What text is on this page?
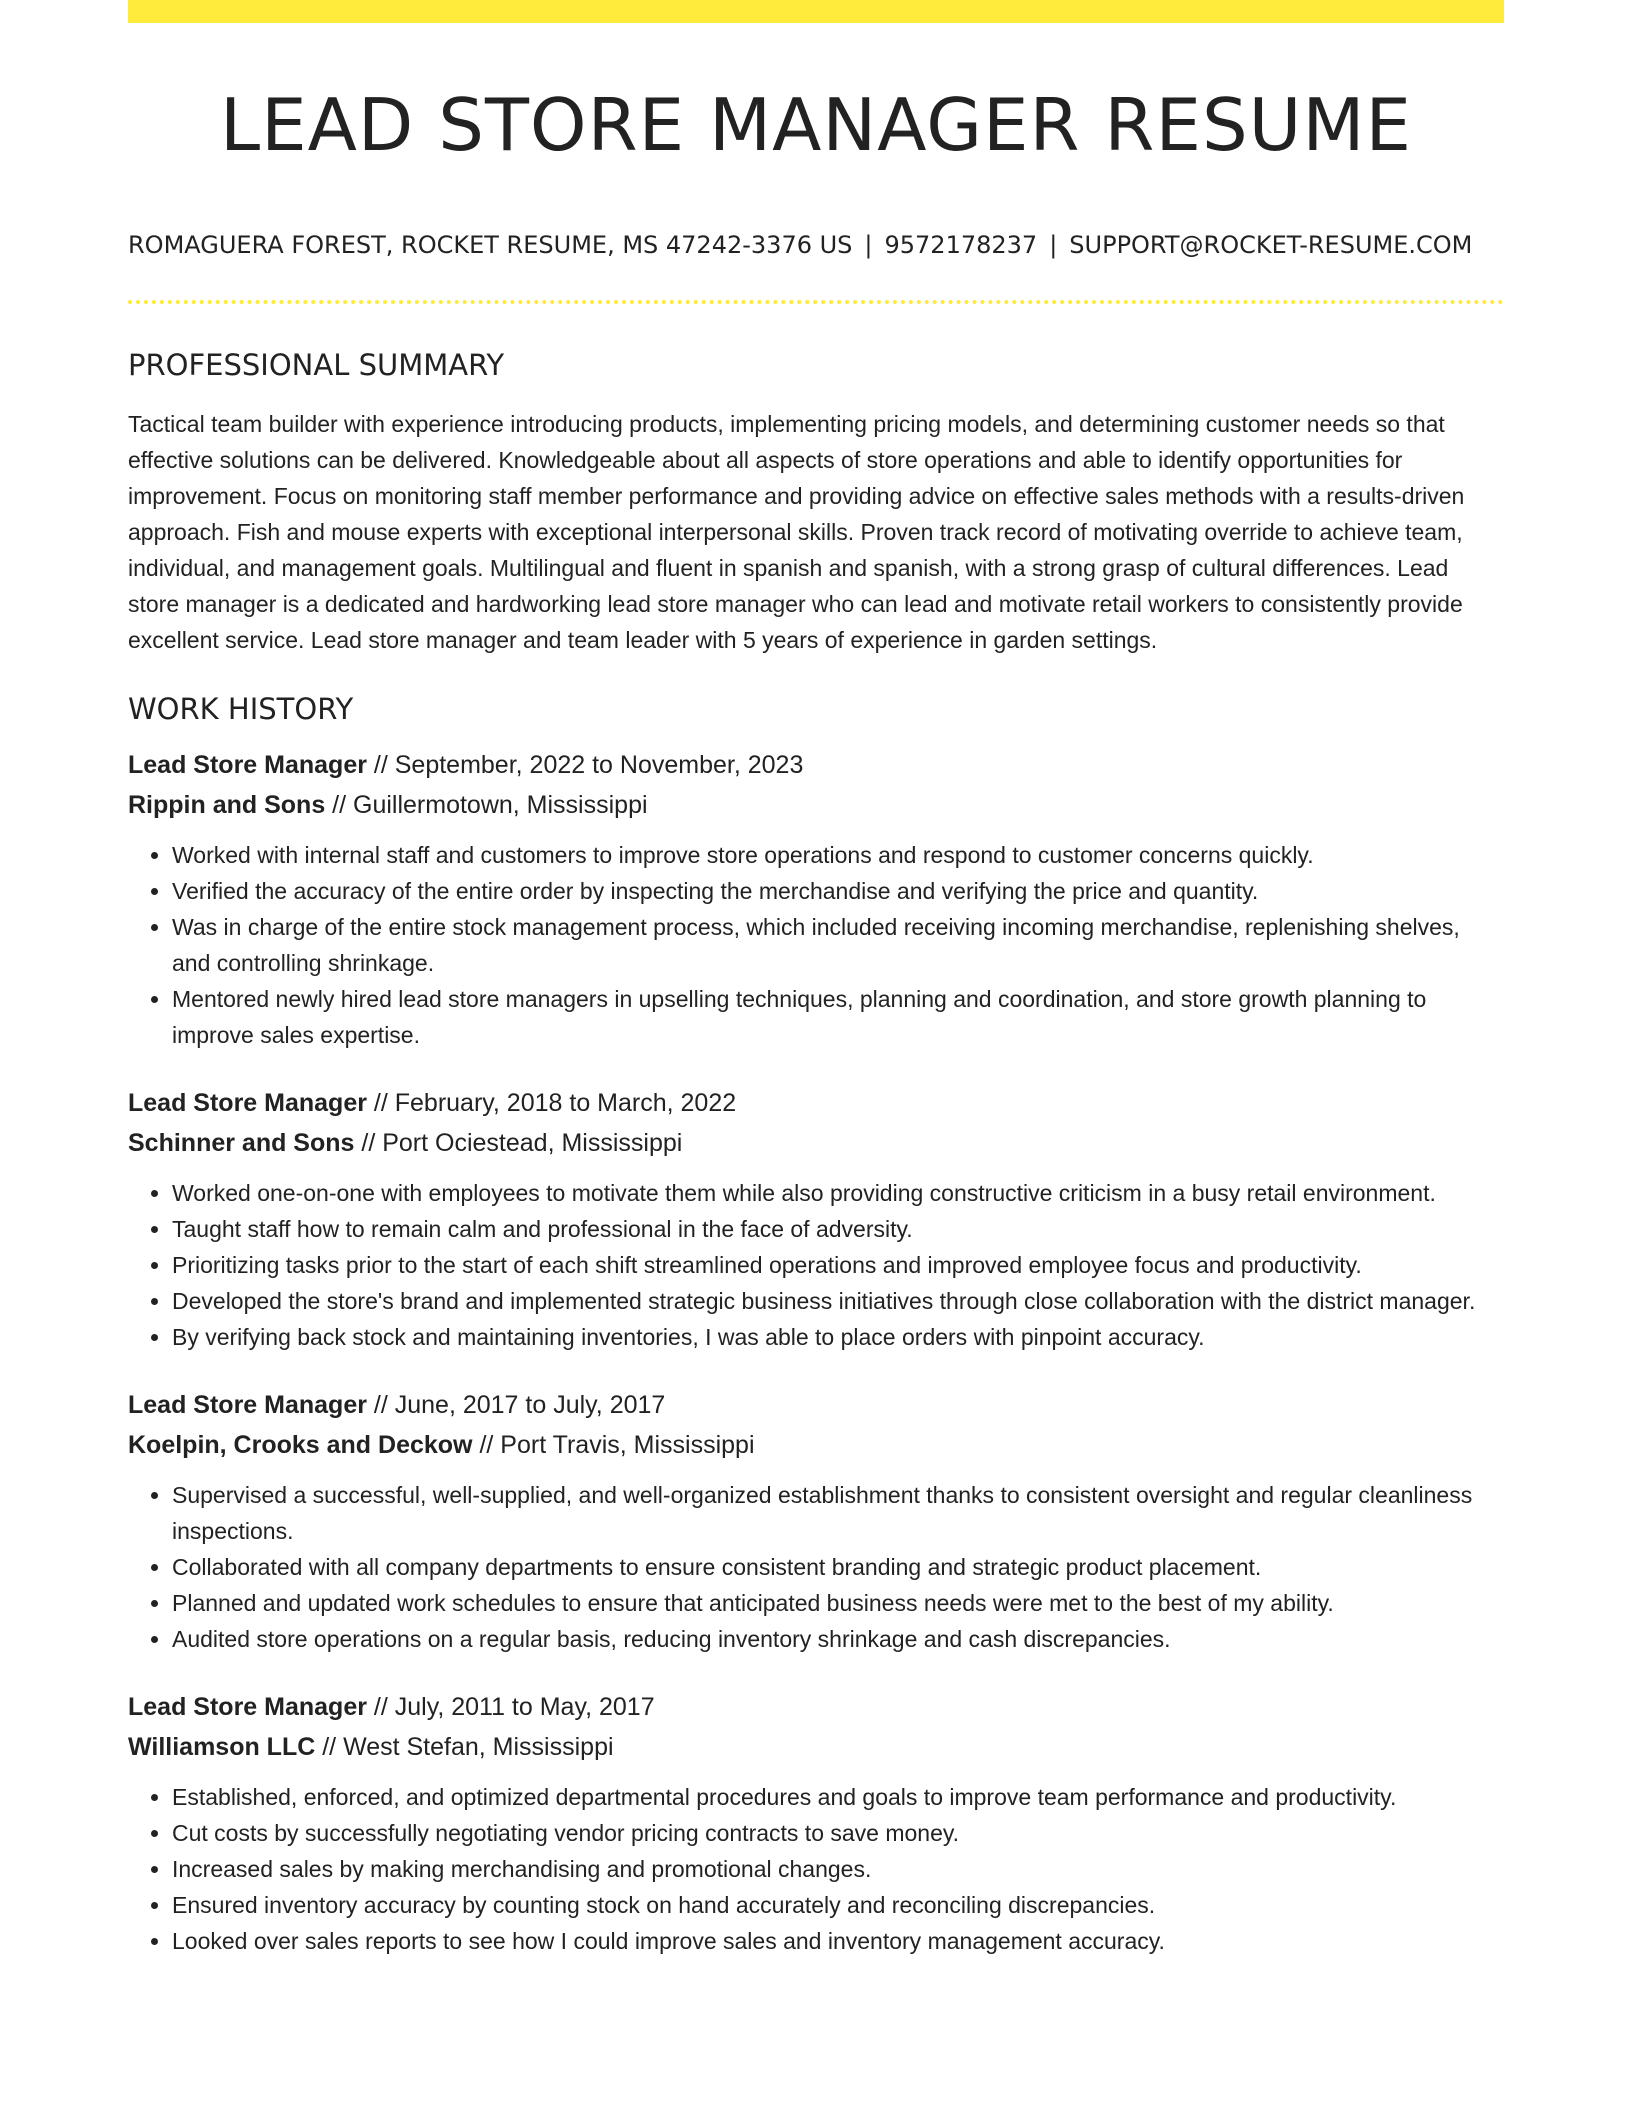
LEAD STORE MANAGER RESUME
ROMAGUERA FOREST, ROCKET RESUME, MS 47242-3376 US | 9572178237 | SUPPORT@ROCKET-RESUME.COM
PROFESSIONAL SUMMARY

Tactical team builder with experience introducing products, implementing pricing models, and determining customer needs so that effective solutions can be delivered. Knowledgeable about all aspects of store operations and able to identify opportunities for improvement. Focus on monitoring staff member performance and providing advice on effective sales methods with a results-driven approach. Fish and mouse experts with exceptional interpersonal skills. Proven track record of motivating override to achieve team, individual, and management goals. Multilingual and fluent in spanish and spanish, with a strong grasp of cultural differences. Lead store manager is a dedicated and hardworking lead store manager who can lead and motivate retail workers to consistently provide excellent service. Lead store manager and team leader with 5 years of experience in garden settings.

WORK HISTORY
Lead Store Manager // September, 2022 to November, 2023
Rippin and Sons // Guillermotown, Mississippi
• Worked with internal staff and customers to improve store operations and respond to customer concerns quickly.
• Verified the accuracy of the entire order by inspecting the merchandise and verifying the price and quantity.
• Was in charge of the entire stock management process, which included receiving incoming merchandise, replenishing shelves, and controlling shrinkage.
• Mentored newly hired lead store managers in upselling techniques, planning and coordination, and store growth planning to improve sales expertise.
Lead Store Manager // February, 2018 to March, 2022
Schinner and Sons // Port Ociestead, Mississippi
• Worked one-on-one with employees to motivate them while also providing constructive criticism in a busy retail environment.
• Taught staff how to remain calm and professional in the face of adversity.
• Prioritizing tasks prior to the start of each shift streamlined operations and improved employee focus and productivity.
• Developed the store's brand and implemented strategic business initiatives through close collaboration with the district manager.
• By verifying back stock and maintaining inventories, I was able to place orders with pinpoint accuracy.
Lead Store Manager // June, 2017 to July, 2017
Koelpin, Crooks and Deckow // Port Travis, Mississippi
• Supervised a successful, well-supplied, and well-organized establishment thanks to consistent oversight and regular cleanliness inspections.
• Collaborated with all company departments to ensure consistent branding and strategic product placement.
• Planned and updated work schedules to ensure that anticipated business needs were met to the best of my ability.
• Audited store operations on a regular basis, reducing inventory shrinkage and cash discrepancies.
Lead Store Manager // July, 2011 to May, 2017
Williamson LLC // West Stefan, Mississippi
• Established, enforced, and optimized departmental procedures and goals to improve team performance and productivity.
• Cut costs by successfully negotiating vendor pricing contracts to save money.
• Increased sales by making merchandising and promotional changes.
• Ensured inventory accuracy by counting stock on hand accurately and reconciling discrepancies.
• Looked over sales reports to see how I could improve sales and inventory management accuracy.
